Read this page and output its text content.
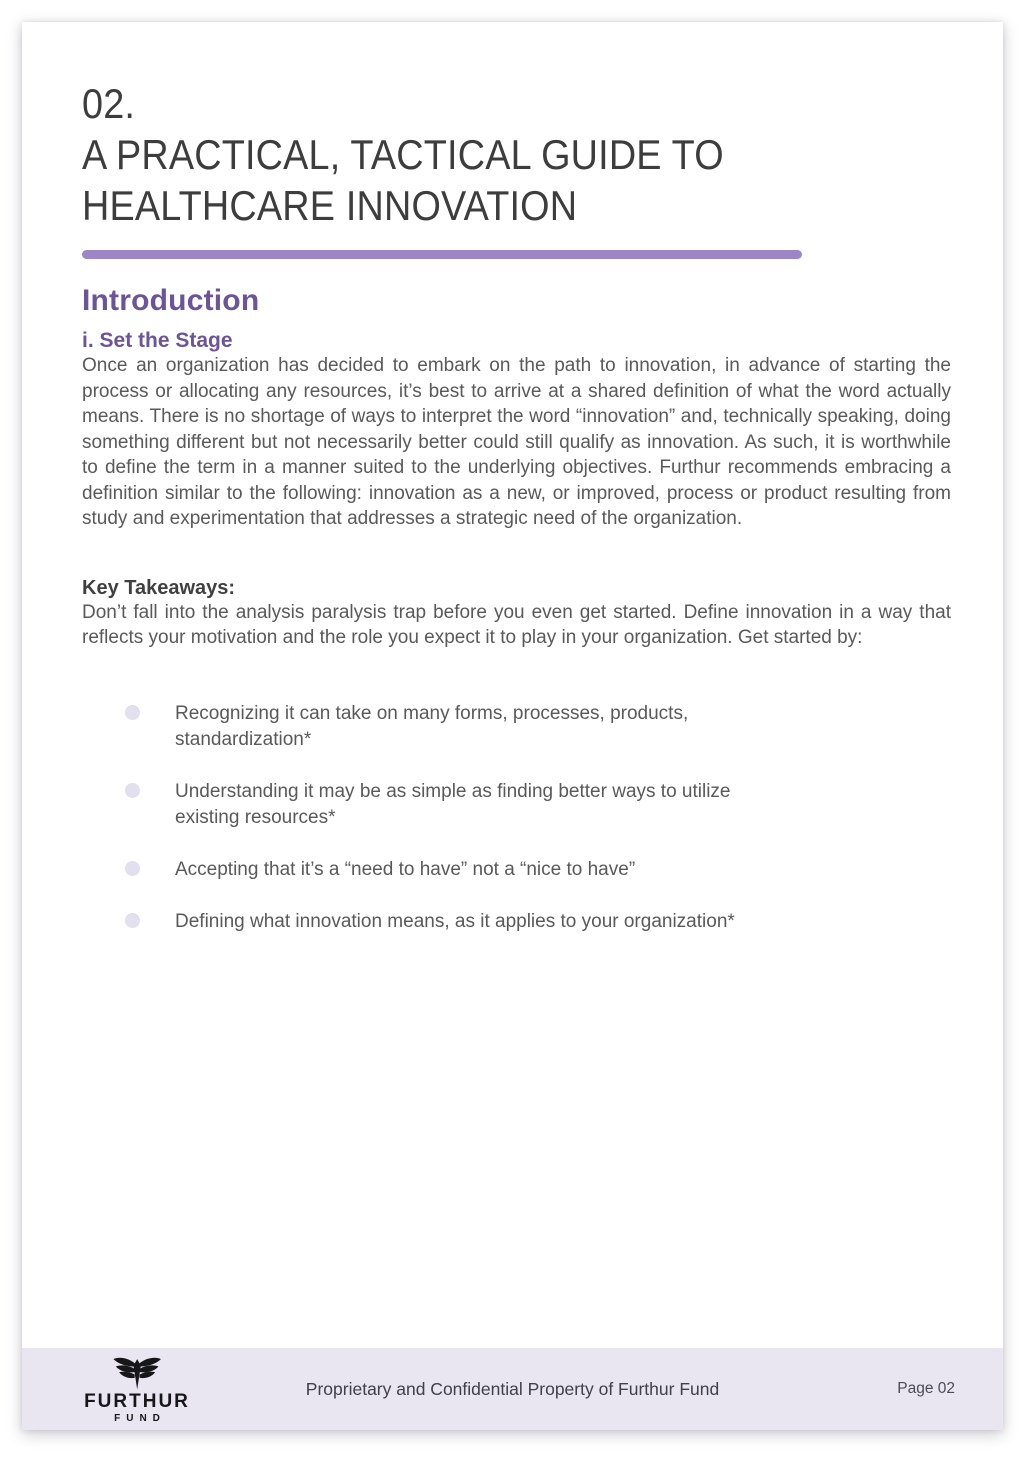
02.
A PRACTICAL, TACTICAL GUIDE TO
HEALTHCARE INNOVATION
Introduction
i. Set the Stage

Once an organization has decided to embark on the path to innovation, in advance of starting the process or allocating any resources, it’s best to arrive at a shared definition of what the word actually means. There is no shortage of ways to interpret the word “innovation” and, technically speaking, doing something different but not necessarily better could still qualify as innovation. As such, it is worthwhile to define the term in a manner suited to the underlying objectives. Furthur recommends embracing a definition similar to the following: innovation as a new, or improved, process or product resulting from study and experimentation that addresses a strategic need of the organization.

Key Takeaways:

Don’t fall into the analysis paralysis trap before you even get started. Define innovation in a way that reflects your motivation and the role you expect it to play in your organization. Get started by:

Recognizing it can take on many forms, processes, products, standardization*
Understanding it may be as simple as finding better ways to utilize existing resources*
Accepting that it’s a “need to have” not a “nice to have”
Defining what innovation means, as it applies to your organization*
FURTHUR
FUND
Proprietary and Confidential Property of Furthur Fund	Page 02
